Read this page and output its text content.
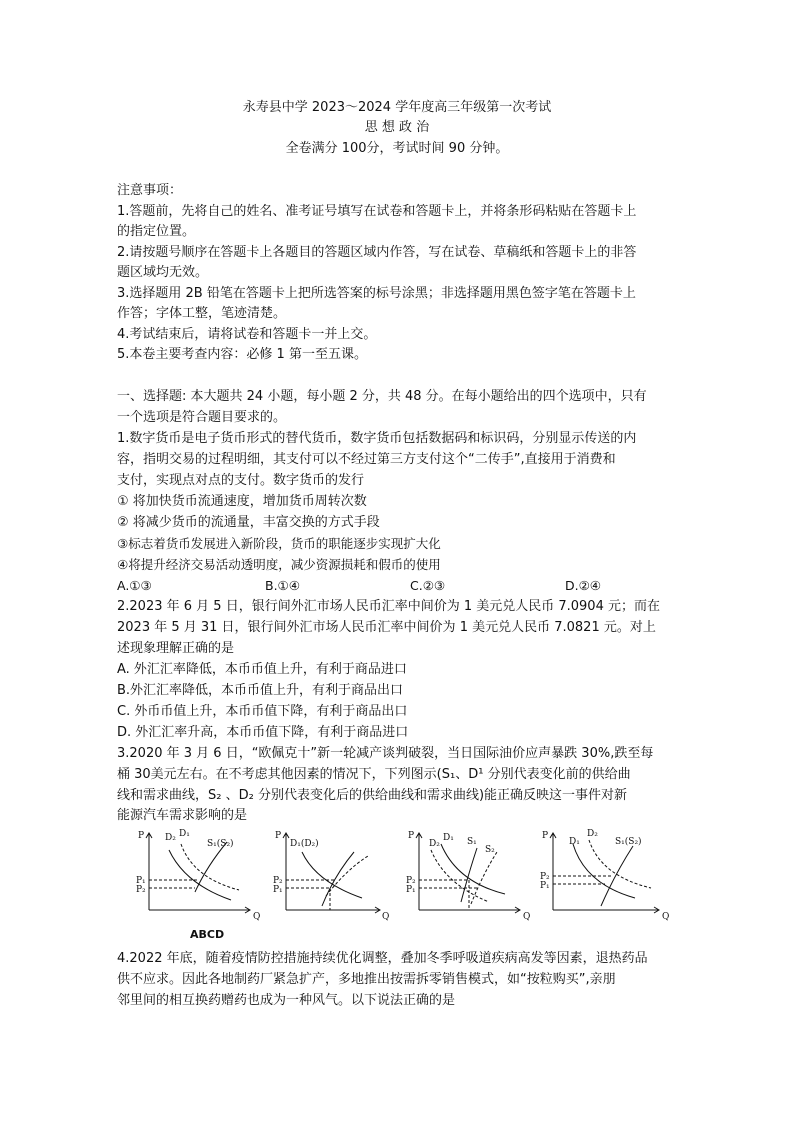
永寿县中学 2023～2024 学年度高三年级第一次考试
思 想 政 治
全卷满分 100分，考试时间 90 分钟。
注意事项：
1.答题前，先将自己的姓名、准考证号填写在试卷和答题卡上，并将条形码粘贴在答题卡上
的指定位置。
2.请按题号顺序在答题卡上各题目的答题区域内作答，写在试卷、草稿纸和答题卡上的非答
题区域均无效。
3.选择题用 2B 铅笔在答题卡上把所选答案的标号涂黑；非选择题用黑色签字笔在答题卡上
作答；字体工整，笔迹清楚。
4.考试结束后，请将试卷和答题卡一并上交。
5.本卷主要考查内容：必修 1 第一至五课。
一、选择题: 本大题共 24 小题，每小题 2 分，共 48 分。在每小题给出的四个选项中，只有
一个选项是符合题目要求的。
1.数字货币是电子货币形式的替代货币，数字货币包括数据码和标识码，分别显示传送的内
容，指明交易的过程明细，其支付可以不经过第三方支付这个“二传手”,直接用于消费和
支付，实现点对点的支付。数字货币的发行
① 将加快货币流通速度，增加货币周转次数
② 将减少货币的流通量，丰富交换的方式手段
③标志着货币发展进入新阶段，货币的职能逐步实现扩大化
④将提升经济交易活动透明度，减少资源损耗和假币的使用
A.①③	B.①④	C.②③	D.②④
2.2023 年 6 月 5 日，银行间外汇市场人民币汇率中间价为 1 美元兑人民币 7.0904 元；而在
2023 年 5 月 31 日，银行间外汇市场人民币汇率中间价为 1 美元兑人民币 7.0821 元。对上
述现象理解正确的是
A. 外汇汇率降低，本币币值上升，有利于商品进口
B.外汇汇率降低，本币币值上升，有利于商品出口
C. 外币币值上升，本币币值下降，有利于商品出口
D. 外汇汇率升高，本币币值下降，有利于商品进口
3.2020 年 3 月 6 日，“欧佩克十”新一轮减产谈判破裂，当日国际油价应声暴跌 30%,跌至每
桶 30美元左右。在不考虑其他因素的情况下，下列图示(S₁、D¹ 分别代表变化前的供给曲
线和需求曲线，S₂ 、D₂ 分别代表变化后的供给曲线和需求曲线)能正确反映这一事件对新
能源汽车需求影响的是
P
Q
D₂ D₁
S₁(S₂)
P₁
P₂
P
Q
D₁(D₂)
P₂
P₁
P
Q
D₂
D₁ S₁
S₂
P₂
P₁
P
Q
D₂
D₁	S₁(S₂)
P₂
P₁
ABCD
4.2022 年底，随着疫情防控措施持续优化调整，叠加冬季呼吸道疾病高发等因素，退热药品
供不应求。因此各地制药厂紧急扩产，多地推出按需拆零销售模式，如“按粒购买”,亲朋
邻里间的相互换药赠药也成为一种风气。以下说法正确的是
